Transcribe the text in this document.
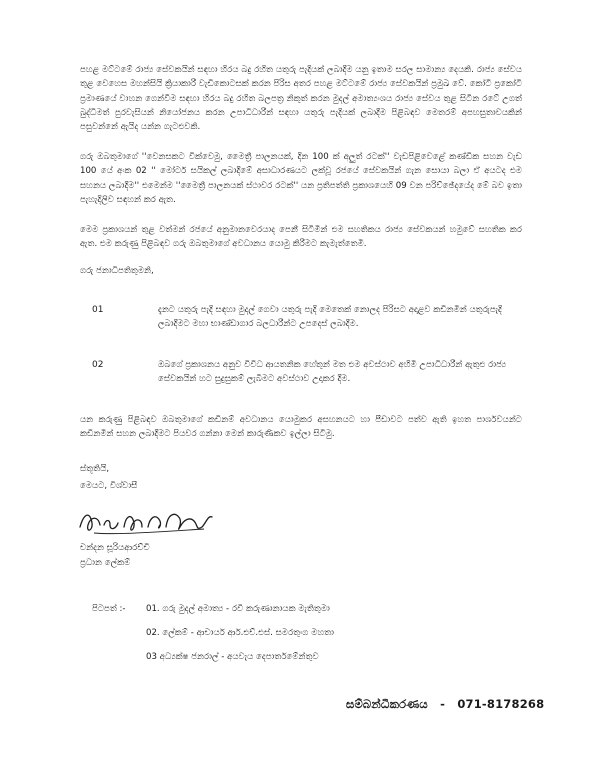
පහළ මට්ටමේ රාජ්‍ය සේවකයින් සඳහා හිරය බදු රහිත යතුරු පැදියක් ලබාදීම යනු ඉතාම සරල සාමාන්‍ය දෙයකි. රාජ්‍ය සේවය තුළ වෙහෙස මහන්සියි ක්‍රියාකාරී වැඩිකොටසක් කරන පිරිස අතර පහළ මට්ටමේ රාජ්‍ය සේවකයින් ප්‍රමුඛ වේ. කෝටි ප්‍රකෝටි ප්‍රමාණයේ වාහන ගෙන්වීම සඳහා හිරය බදු රහිත බලපත්‍ර නිකුත් කරන මුදල් අමාත්‍යංශය රාජ්‍ය සේවය තුළ සිටින රටේ උගත් බුද්ධිමත් පුරවැසියන් නියෝජනය කරන උපාධිධාරීන් සඳහා යතුරු පැදියක් ලබාදීම පිළිබඳව මෙතරම් අපහසුතාවයකින් පසුවන්නේ ඇයිද යන්න ගැටළුවකි.

ගරු ඔබතුමාගේ ''වෙනසකට වික්වෙමු, මෛත්‍රී පාලනයක්, දින 100 ක් අලුත් රටක්'' වැඩපිළිවෙළේ කණ්ඩික සහන වැඩ 100 යේ අංක 02 '' මෝටර් සයිකල් ලබාදීමේ අසාධාරණයට ලක්වූ රජයේ සේවකයින් ගැන සොයා බලා ඒ අයටද එම සහනය ලබාදීම'' එමෙන්ම ''මෛත්‍රී පාලනයක් ස්ථාවර රටක්'' යන ප්‍රතිපත්ති ප්‍රකාශයෙහි 09 වන පරිච්ඡේදයේද මේ බව ඉතා පැහැදිලිව සඳහන් කර ඇත.

මෙම ප්‍රකාශයන් තුළ වත්මන් රජයේ අනුමානවෙරයාද පෙනී සිටිමින් එම සහතිකය රාජ්‍ය සේවකයන් හමුවේ සහතික කර ඇත. එම කරුණු පිළිබඳව ගරු ඔබතුමාගේ අවධානය යොමු කිරීමට කැමැත්තෙමි.

ගරු ජනාධිපතිතුමනි,

01	දැනට යතුරු පැදි සඳහා මුදල් ගෙවා යතුරු පැදි මෙතෙක් නොලද පිරිසට අදාළව කඩිනමින් යතුරුපැදි ලබාදීමට මහා භාණ්ඩාගාර බලධාරීන්ට උපදෙස් ලබාදීම.

02	ඔබගේ ප්‍රකාශනය අනුව විවිධ ආයතනික හේතුන් මත එම අවස්ථාව අහිමි උපාධිධාරීන් ඇතුළු රාජ්‍ය සේවකයින් හට සුදුසුකම් ලැබීමට අවස්ථාව උදාකර දීම.

යන කරුණු පිළිබඳව ඔබතුමාගේ කඩිනම් අවධානය යොමුකර අසහනයට හා පීඩාවට පත්ව ඇති ඉහත පාර්ශවයන්ට කඩිනමින් සහන ලබාදීමට පියවර ගන්නා මෙන් කාරුණිකව ඉල්ලා සිටිමු.

ස්තූතියි,

මෙයට, විශ්වාසී

චන්දන සූරියආරච්චි

ප්‍රධාන ලේකම්

පිටපත් :- 01. ගරු මුදල් අමාත්‍ය - රවි කරුණානායක මැතිතුමා
02. ලේකම් - ආචාර්ය ආර්.එච්.එස්. සමරතුංග මහතා
03 අධ්‍යක්ෂ ජනරාල් - අයවැය දෙපාර්තමේන්තුව
සම්බන්ධීකරණය - 071-8178268
